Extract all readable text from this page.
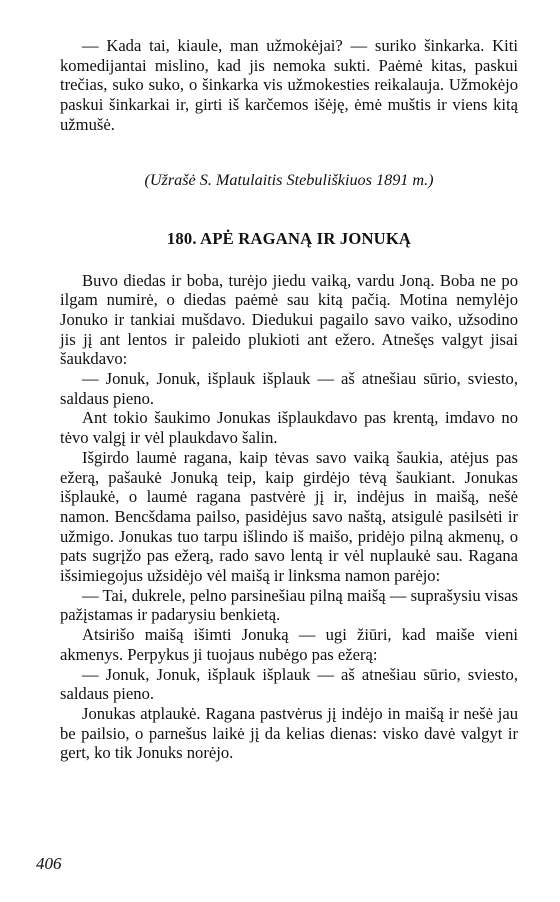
— Kada tai, kiaule, man užmokėjai? — suriko šinkarka. Kiti komedijantai mislino, kad jis nemoka sukti. Paėmė kitas, paskui trečias, suko suko, o šinkarka vis užmokesties reikalauja. Užmokėjo paskui šinkarkai ir, girti iš karčemos išėję, ėmė muštis ir viens kitą užmušė.

(Užrašė S. Matulaitis Stebuliškiuos 1891 m.)

180. APĖ RAGANĄ IR JONUKĄ

Buvo diedas ir boba, turėjo jiedu vaiką, vardu Joną. Boba ne po ilgam numirė, o diedas paėmė sau kitą pačią. Motina nemylėjo Jonuko ir tankiai mušdavo. Diedukui pagailo savo vaiko, užsodino jis jį ant lentos ir paleido plukioti ant ežero. Atnešęs valgyt jisai šaukdavo:

— Jonuk, Jonuk, išplauk išplauk — aš atnešiau sūrio, sviesto, saldaus pieno.

Ant tokio šaukimo Jonukas išplaukdavo pas krentą, imdavo no tėvo valgį ir vėl plaukdavo šalin.

Išgirdo laumė ragana, kaip tėvas savo vaiką šaukia, atėjus pas ežerą, pašaukė Jonuką teip, kaip girdėjo tėvą šaukiant. Jonukas išplaukė, o laumė ragana pastvėrė jį ir, indėjus in maišą, nešė namon. Bencšdama pailso, pasidėjus savo naštą, atsigulė pasilsėti ir užmigo. Jonukas tuo tarpu išlindo iš maišo, pridėjo pilną akmenų, o pats sugrįžo pas ežerą, rado savo lentą ir vėl nuplaukė sau. Ragana išsimiegojus užsidėjo vėl maišą ir linksma namon parėjo:

— Tai, dukrele, pelno parsinešiau pilną maišą — suprašysiu visas pažįstamas ir padarysiu benkietą.

Atsirišo maišą išimti Jonuką — ugi žiūri, kad maiše vieni akmenys. Perpykus ji tuojaus nubėgo pas ežerą:

— Jonuk, Jonuk, išplauk išplauk — aš atnešiau sūrio, sviesto, saldaus pieno.

Jonukas atplaukė. Ragana pastvėrus jį indėjo in maišą ir nešė jau be pailsio, o parnešus laikė jį da kelias dienas: visko davė valgyt ir gert, ko tik Jonuks norėjo.

406
